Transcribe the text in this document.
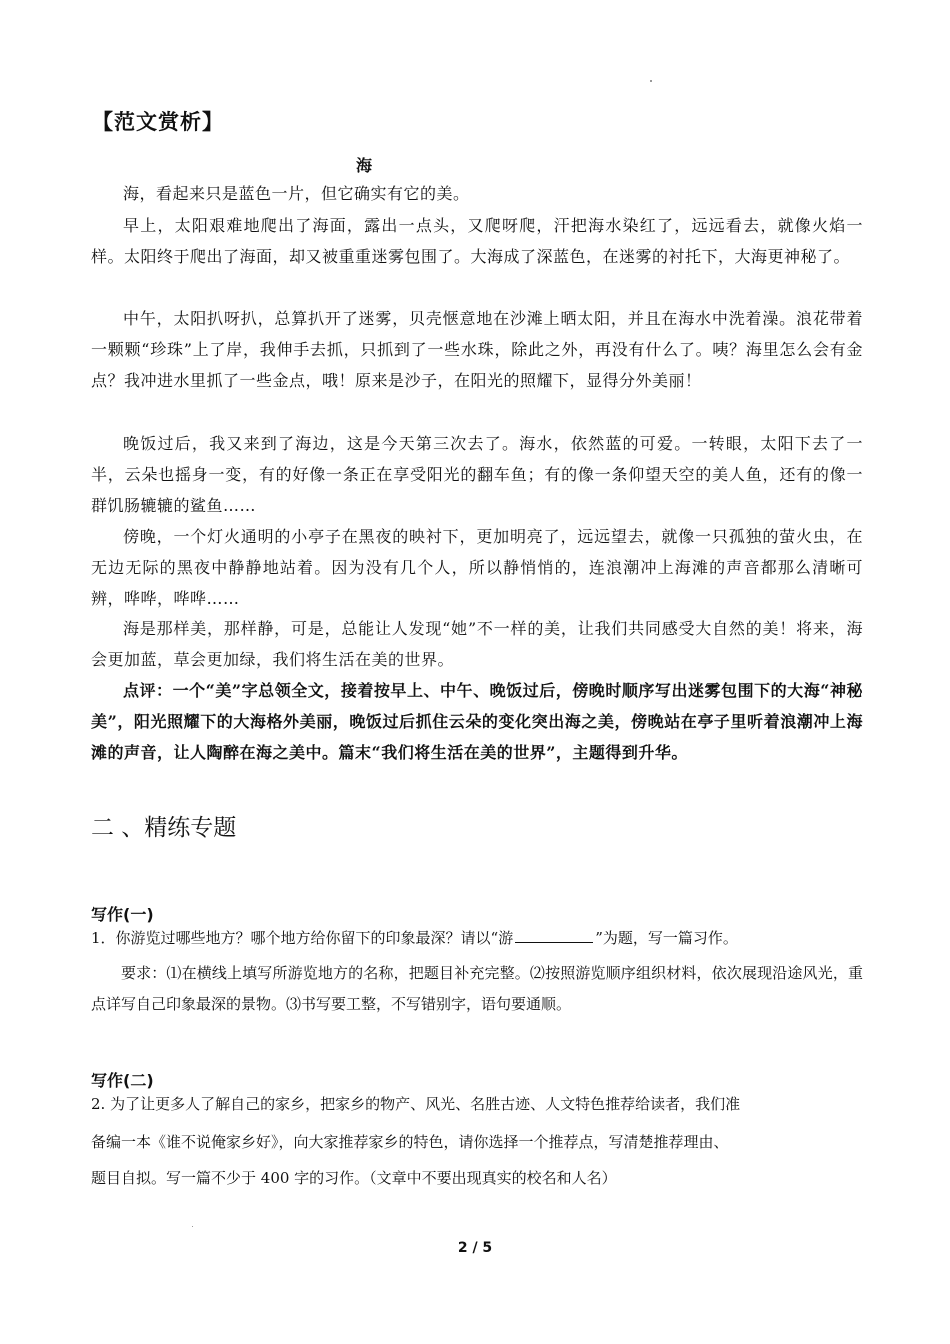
【范文赏析】
海

海，看起来只是蓝色一片，但它确实有它的美。

早上，太阳艰难地爬出了海面，露出一点头，又爬呀爬，汗把海水染红了，远远看去，就像火焰一样。太阳终于爬出了海面，却又被重重迷雾包围了。大海成了深蓝色，在迷雾的衬托下，大海更神秘了。

中午，太阳扒呀扒，总算扒开了迷雾，贝壳惬意地在沙滩上晒太阳，并且在海水中洗着澡。浪花带着一颗颗“珍珠”上了岸，我伸手去抓，只抓到了一些水珠，除此之外，再没有什么了。咦？海里怎么会有金点？我冲进水里抓了一些金点，哦！原来是沙子，在阳光的照耀下，显得分外美丽！

晚饭过后，我又来到了海边，这是今天第三次去了。海水，依然蓝的可爱。一转眼，太阳下去了一半，云朵也摇身一变，有的好像一条正在享受阳光的翻车鱼；有的像一条仰望天空的美人鱼，还有的像一群饥肠辘辘的鲨鱼……

傍晚，一个灯火通明的小亭子在黑夜的映衬下，更加明亮了，远远望去，就像一只孤独的萤火虫，在无边无际的黑夜中静静地站着。因为没有几个人，所以静悄悄的，连浪潮冲上海滩的声音都那么清晰可辨，哗哗，哗哗……

海是那样美，那样静，可是，总能让人发现“她”不一样的美，让我们共同感受大自然的美！将来，海会更加蓝，草会更加绿，我们将生活在美的世界。

点评：一个“美”字总领全文，接着按早上、中午、晚饭过后，傍晚时顺序写出迷雾包围下的大海“神秘美”，阳光照耀下的大海格外美丽，晚饭过后抓住云朵的变化突出海之美，傍晚站在亭子里听着浪潮冲上海滩的声音，让人陶醉在海之美中。篇末“我们将生活在美的世界”，主题得到升华。

二 、精练专题
写作(一)

1．你游览过哪些地方？哪个地方给你留下的印象最深？请以“游	”为题，写一篇习作。

要求：⑴在横线上填写所游览地方的名称，把题目补充完整。⑵按照游览顺序组织材料，依次展现沿途风光，重点详写自己印象最深的景物。⑶书写要工整，不写错别字，语句要通顺。

写作(二)

2. 为了让更多人了解自己的家乡，把家乡的物产、风光、名胜古迹、人文特色推荐给读者，我们准

备编一本《谁不说俺家乡好》，向大家推荐家乡的特色，请你选择一个推荐点，写清楚推荐理由、

题目自拟。写一篇不少于 400 字的习作。（文章中不要出现真实的校名和人名）

2 / 5
